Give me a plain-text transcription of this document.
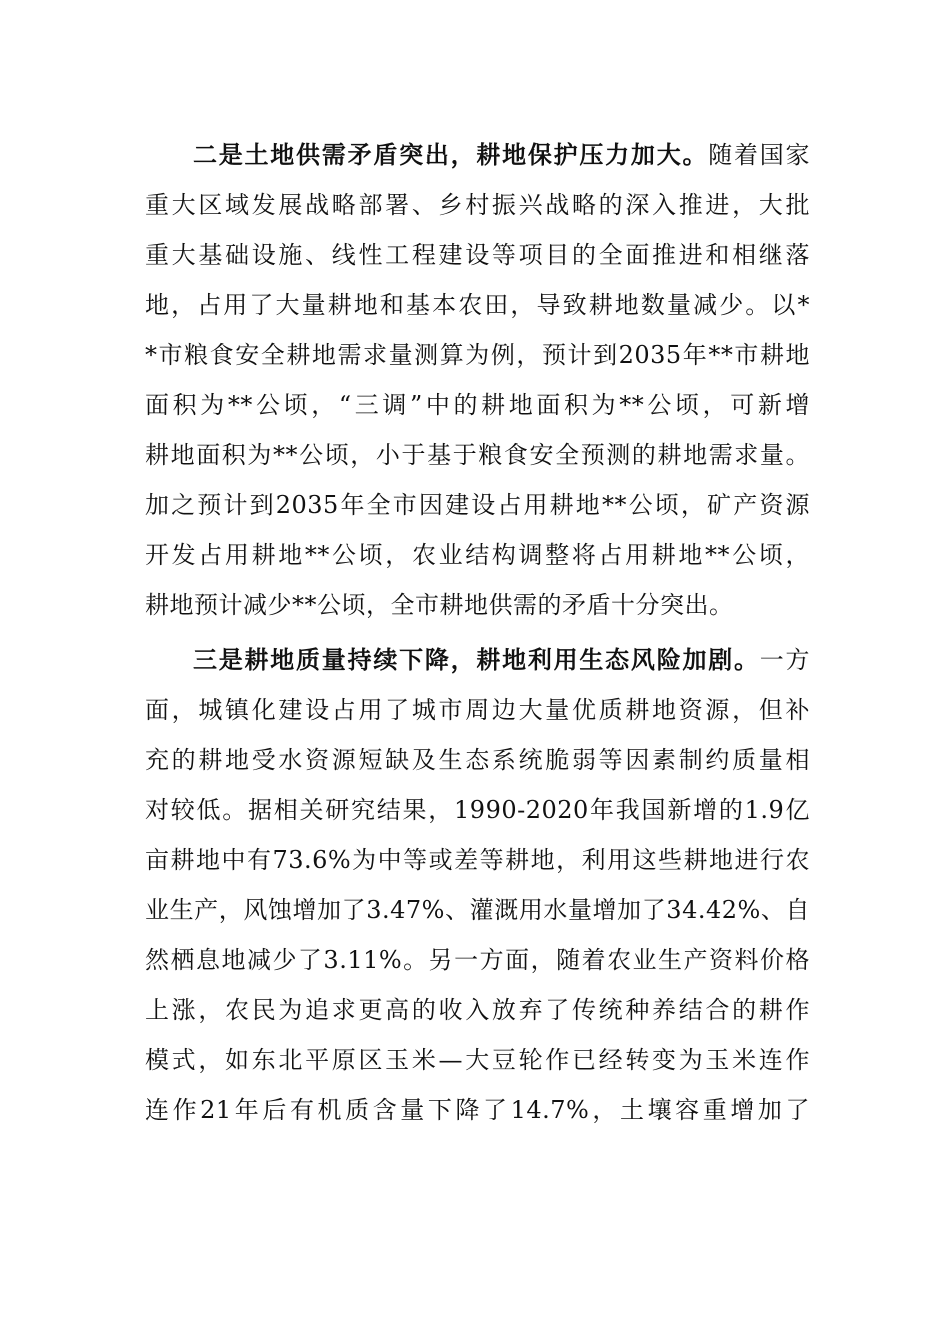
二是土地供需矛盾突出，耕地保护压力加大。随着国家
重大区域发展战略部署、乡村振兴战略的深入推进，大批
重大基础设施、线性工程建设等项目的全面推进和相继落
地，占用了大量耕地和基本农田，导致耕地数量减少。以*
*市粮食安全耕地需求量测算为例，预计到2035年**市耕地
面积为**公顷，“三调”中的耕地面积为**公顷，可新增
耕地面积为**公顷，小于基于粮食安全预测的耕地需求量。
加之预计到2035年全市因建设占用耕地**公顷，矿产资源
开发占用耕地**公顷，农业结构调整将占用耕地**公顷，
耕地预计减少**公顷，全市耕地供需的矛盾十分突出。
三是耕地质量持续下降，耕地利用生态风险加剧。一方
面，城镇化建设占用了城市周边大量优质耕地资源，但补
充的耕地受水资源短缺及生态系统脆弱等因素制约质量相
对较低。据相关研究结果，1990-2020年我国新增的1.9亿
亩耕地中有73.6%为中等或差等耕地，利用这些耕地进行农
业生产，风蚀增加了3.47%、灌溉用水量增加了34.42%、自
然栖息地减少了3.11%。另一方面，随着农业生产资料价格
上涨，农民为追求更高的收入放弃了传统种养结合的耕作
模式，如东北平原区玉米—大豆轮作已经转变为玉米连作
连作21年后有机质含量下降了14.7%，土壤容重增加了
